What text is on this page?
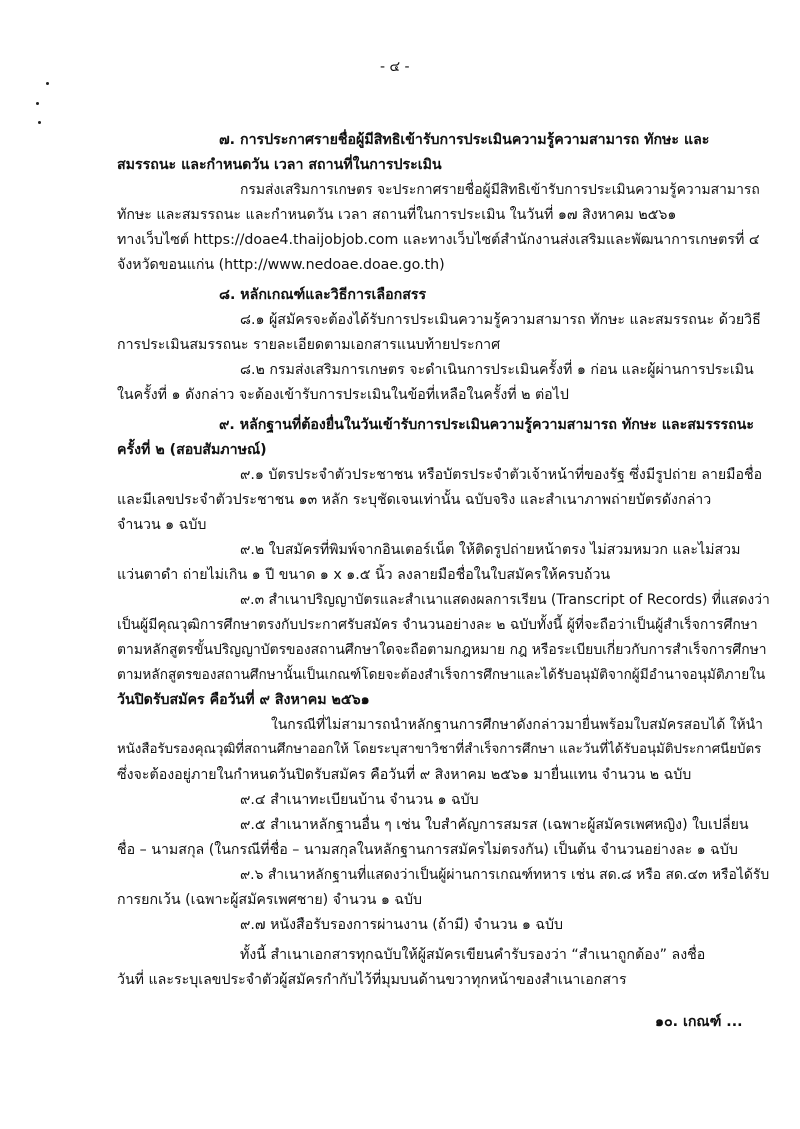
- ๔ -
๗. การประกาศรายชื่อผู้มีสิทธิเข้ารับการประเมินความรู้ความสามารถ ทักษะ และ
สมรรถนะ และกำหนดวัน เวลา สถานที่ในการประเมิน
กรมส่งเสริมการเกษตร จะประกาศรายชื่อผู้มีสิทธิเข้ารับการประเมินความรู้ความสามารถ
ทักษะ และสมรรถนะ และกำหนดวัน เวลา สถานที่ในการประเมิน ในวันที่ ๑๗ สิงหาคม ๒๕๖๑
ทางเว็บไซต์ https://doae4.thaijobjob.com และทางเว็บไซต์สำนักงานส่งเสริมและพัฒนาการเกษตรที่ ๔
จังหวัดขอนแก่น (http://www.nedoae.doae.go.th)
๘. หลักเกณฑ์และวิธีการเลือกสรร
๘.๑ ผู้สมัครจะต้องได้รับการประเมินความรู้ความสามารถ ทักษะ และสมรรถนะ ด้วยวิธี
การประเมินสมรรถนะ รายละเอียดตามเอกสารแนบท้ายประกาศ
๘.๒ กรมส่งเสริมการเกษตร จะดำเนินการประเมินครั้งที่ ๑ ก่อน และผู้ผ่านการประเมิน
ในครั้งที่ ๑ ดังกล่าว จะต้องเข้ารับการประเมินในข้อที่เหลือในครั้งที่ ๒ ต่อไป
๙. หลักฐานที่ต้องยื่นในวันเข้ารับการประเมินความรู้ความสามารถ ทักษะ และสมรรรถนะ
ครั้งที่ ๒ (สอบสัมภาษณ์)
๙.๑ บัตรประจำตัวประชาชน หรือบัตรประจำตัวเจ้าหน้าที่ของรัฐ ซึ่งมีรูปถ่าย ลายมือชื่อ
และมีเลขประจำตัวประชาชน ๑๓ หลัก ระบุชัดเจนเท่านั้น ฉบับจริง และสำเนาภาพถ่ายบัตรดังกล่าว
จำนวน ๑ ฉบับ
๙.๒ ใบสมัครที่พิมพ์จากอินเตอร์เน็ต ให้ติดรูปถ่ายหน้าตรง ไม่สวมหมวก และไม่สวม
แว่นตาดำ ถ่ายไม่เกิน ๑ ปี ขนาด ๑ x ๑.๕ นิ้ว ลงลายมือชื่อในใบสมัครให้ครบถ้วน
๙.๓ สำเนาปริญญาบัตรและสำเนาแสดงผลการเรียน (Transcript of Records) ที่แสดงว่า
เป็นผู้มีคุณวุฒิการศึกษาตรงกับประกาศรับสมัคร จำนวนอย่างละ ๒ ฉบับทั้งนี้ ผู้ที่จะถือว่าเป็นผู้สำเร็จการศึกษา
ตามหลักสูตรขั้นปริญญาบัตรของสถานศึกษาใดจะถือตามกฎหมาย กฎ หรือระเบียบเกี่ยวกับการสำเร็จการศึกษา
ตามหลักสูตรของสถานศึกษานั้นเป็นเกณฑ์โดยจะต้องสำเร็จการศึกษาและได้รับอนุมัติจากผู้มีอำนาจอนุมัติภายใน
วันปิดรับสมัคร คือวันที่ ๙ สิงหาคม ๒๕๖๑
ในกรณีที่ไม่สามารถนำหลักฐานการศึกษาดังกล่าวมายื่นพร้อมใบสมัครสอบได้ ให้นำ
หนังสือรับรองคุณวุฒิที่สถานศึกษาออกให้ โดยระบุสาขาวิชาที่สำเร็จการศึกษา และวันที่ได้รับอนุมัติประกาศนียบัตร
ซึ่งจะต้องอยู่ภายในกำหนดวันปิดรับสมัคร คือวันที่ ๙ สิงหาคม ๒๕๖๑ มายื่นแทน จำนวน ๒ ฉบับ
๙.๔ สำเนาทะเบียนบ้าน จำนวน ๑ ฉบับ
๙.๕ สำเนาหลักฐานอื่น ๆ เช่น ใบสำคัญการสมรส (เฉพาะผู้สมัครเพศหญิง) ใบเปลี่ยน
ชื่อ – นามสกุล (ในกรณีที่ชื่อ – นามสกุลในหลักฐานการสมัครไม่ตรงกัน) เป็นต้น จำนวนอย่างละ ๑ ฉบับ
๙.๖ สำเนาหลักฐานที่แสดงว่าเป็นผู้ผ่านการเกณฑ์ทหาร เช่น สด.๘ หรือ สด.๔๓ หรือได้รับ
การยกเว้น (เฉพาะผู้สมัครเพศชาย) จำนวน ๑ ฉบับ
๙.๗ หนังสือรับรองการผ่านงาน (ถ้ามี) จำนวน ๑ ฉบับ
ทั้งนี้ สำเนาเอกสารทุกฉบับให้ผู้สมัครเขียนคำรับรองว่า “สำเนาถูกต้อง” ลงชื่อ
วันที่ และระบุเลขประจำตัวผู้สมัครกำกับไว้ที่มุมบนด้านขวาทุกหน้าของสำเนาเอกสาร
๑๐. เกณฑ์ ...
